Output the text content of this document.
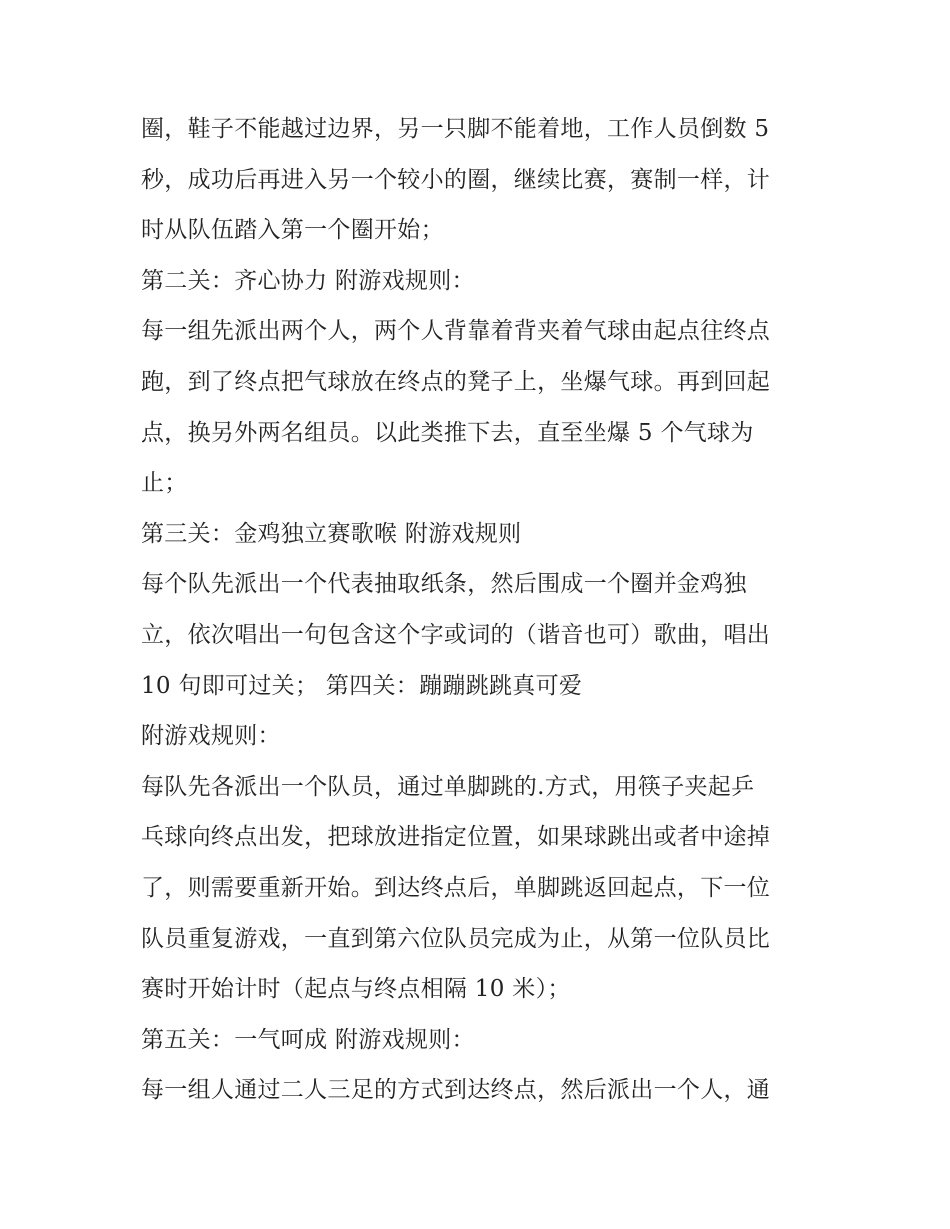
圈，鞋子不能越过边界，另一只脚不能着地，工作人员倒数 5
秒，成功后再进入另一个较小的圈，继续比赛，赛制一样，计
时从队伍踏入第一个圈开始；
第二关：齐心协力 附游戏规则：
每一组先派出两个人，两个人背靠着背夹着气球由起点往终点
跑，到了终点把气球放在终点的凳子上，坐爆气球。再到回起
点，换另外两名组员。以此类推下去，直至坐爆 5 个气球为
止；
第三关：金鸡独立赛歌喉 附游戏规则
每个队先派出一个代表抽取纸条，然后围成一个圈并金鸡独
立，依次唱出一句包含这个字或词的（谐音也可）歌曲，唱出
10 句即可过关； 第四关：蹦蹦跳跳真可爱
附游戏规则：
每队先各派出一个队员，通过单脚跳的.方式，用筷子夹起乒
乓球向终点出发，把球放进指定位置，如果球跳出或者中途掉
了，则需要重新开始。到达终点后，单脚跳返回起点，下一位
队员重复游戏，一直到第六位队员完成为止，从第一位队员比
赛时开始计时（起点与终点相隔 10 米）；
第五关：一气呵成 附游戏规则：
每一组人通过二人三足的方式到达终点，然后派出一个人，通
